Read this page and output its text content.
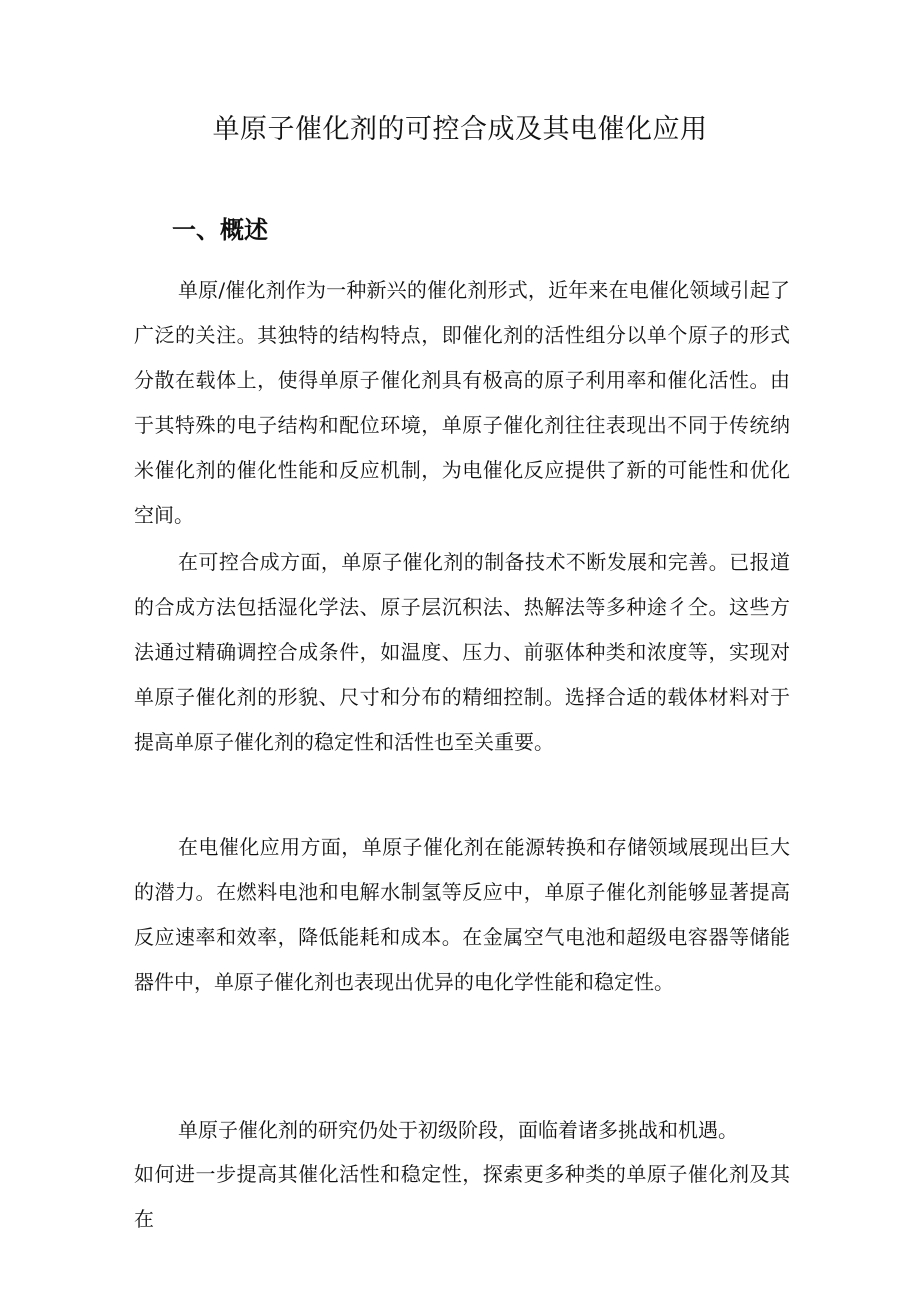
单原子催化剂的可控合成及其电催化应用
一、概述

单原/催化剂作为一种新兴的催化剂形式，近年来在电催化领域引起了广泛的关注。其独特的结构特点，即催化剂的活性组分以单个原子的形式分散在载体上，使得单原子催化剂具有极高的原子利用率和催化活性。由于其特殊的电子结构和配位环境，单原子催化剂往往表现出不同于传统纳米催化剂的催化性能和反应机制，为电催化反应提供了新的可能性和优化空间。

在可控合成方面，单原子催化剂的制备技术不断发展和完善。已报道的合成方法包括湿化学法、原子层沉积法、热解法等多种途彳仝。这些方法通过精确调控合成条件，如温度、压力、前驱体种类和浓度等，实现对单原子催化剂的形貌、尺寸和分布的精细控制。选择合适的载体材料对于提高单原子催化剂的稳定性和活性也至关重要。

在电催化应用方面，单原子催化剂在能源转换和存储领域展现出巨大的潜力。在燃料电池和电解水制氢等反应中，单原子催化剂能够显著提高反应速率和效率，降低能耗和成本。在金属空气电池和超级电容器等储能器件中，单原子催化剂也表现出优异的电化学性能和稳定性。

单原子催化剂的研究仍处于初级阶段，面临着诸多挑战和机遇。

如何进一步提高其催化活性和稳定性，探索更多种类的单原子催化剂及其在
